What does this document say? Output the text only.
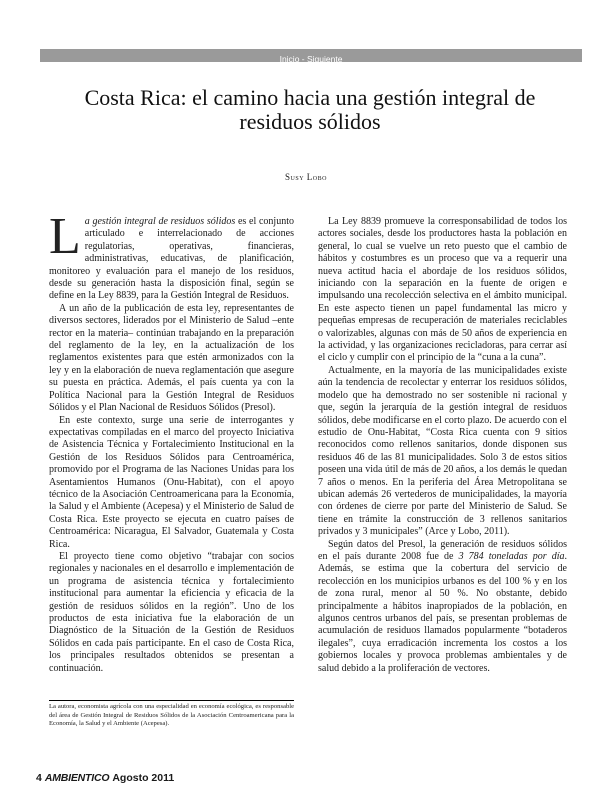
Inicio - Siguiente
Costa Rica: el camino hacia una gestión integral de residuos sólidos
Susy Lobo

La gestión integral de residuos sólidos es el conjunto articulado e interrelacionado de acciones regulatorias, operativas, financieras, administrativas, educativas, de planificación, monitoreo y evaluación para el manejo de los residuos, desde su generación hasta la disposición final, según se define en la Ley 8839, para la Gestión Integral de Residuos.

A un año de la publicación de esta ley, representantes de diversos sectores, liderados por el Ministerio de Salud –ente rector en la materia– continúan trabajando en la preparación del reglamento de la ley, en la actualización de los reglamentos existentes para que estén armonizados con la ley y en la elaboración de nueva reglamentación que asegure su puesta en práctica. Además, el país cuenta ya con la Política Nacional para la Gestión Integral de Residuos Sólidos y el Plan Nacional de Residuos Sólidos (Presol).

En este contexto, surge una serie de interrogantes y expectativas compiladas en el marco del proyecto Iniciativa de Asistencia Técnica y Fortalecimiento Institucional en la Gestión de los Residuos Sólidos para Centroamérica, promovido por el Programa de las Naciones Unidas para los Asentamientos Humanos (Onu-Habitat), con el apoyo técnico de la Asociación Centroamericana para la Economía, la Salud y el Ambiente (Acepesa) y el Ministerio de Salud de Costa Rica. Este proyecto se ejecuta en cuatro países de Centroamérica: Nicaragua, El Salvador, Guatemala y Costa Rica.

El proyecto tiene como objetivo “trabajar con socios regionales y nacionales en el desarrollo e implementación de un programa de asistencia técnica y fortalecimiento institucional para aumentar la eficiencia y eficacia de la gestión de residuos sólidos en la región”. Uno de los productos de esta iniciativa fue la elaboración de un Diagnóstico de la Situación de la Gestión de Residuos Sólidos en cada país participante. En el caso de Costa Rica, los principales resultados obtenidos se presentan a continuación.

La autora, economista agrícola con una especialidad en economía ecológica, es responsable del área de Gestión Integral de Residuos Sólidos de la Asociación Centroamericana para la Economía, la Salud y el Ambiente (Acepesa).

La Ley 8839 promueve la corresponsabilidad de todos los actores sociales, desde los productores hasta la población en general, lo cual se vuelve un reto puesto que el cambio de hábitos y costumbres es un proceso que va a requerir una nueva actitud hacia el abordaje de los residuos sólidos, iniciando con la separación en la fuente de origen e impulsando una recolección selectiva en el ámbito municipal. En este aspecto tienen un papel fundamental las micro y pequeñas empresas de recuperación de materiales reciclables o valorizables, algunas con más de 50 años de experiencia en la actividad, y las organizaciones recicladoras, para cerrar así el ciclo y cumplir con el principio de la “cuna a la cuna”.

Actualmente, en la mayoría de las municipalidades existe aún la tendencia de recolectar y enterrar los residuos sólidos, modelo que ha demostrado no ser sostenible ni racional y que, según la jerarquía de la gestión integral de residuos sólidos, debe modificarse en el corto plazo. De acuerdo con el estudio de Onu-Habitat, “Costa Rica cuenta con 9 sitios reconocidos como rellenos sanitarios, donde disponen sus residuos 46 de las 81 municipalidades. Solo 3 de estos sitios poseen una vida útil de más de 20 años, a los demás le quedan 7 años o menos. En la periferia del Área Metropolitana se ubican además 26 vertederos de municipalidades, la mayoría con órdenes de cierre por parte del Ministerio de Salud. Se tiene en trámite la construcción de 3 rellenos sanitarios privados y 3 municipales” (Arce y Lobo, 2011).

Según datos del Presol, la generación de residuos sólidos en el país durante 2008 fue de 3 784 toneladas por día. Además, se estima que la cobertura del servicio de recolección en los municipios urbanos es del 100 % y en los de zona rural, menor al 50 %. No obstante, debido principalmente a hábitos inapropiados de la población, en algunos centros urbanos del país, se presentan problemas de acumulación de residuos llamados popularmente “botaderos ilegales”, cuya erradicación incrementa los costos a los gobiernos locales y provoca problemas ambientales y de salud debido a la proliferación de vectores.

4 AMBIENTICO Agosto 2011
